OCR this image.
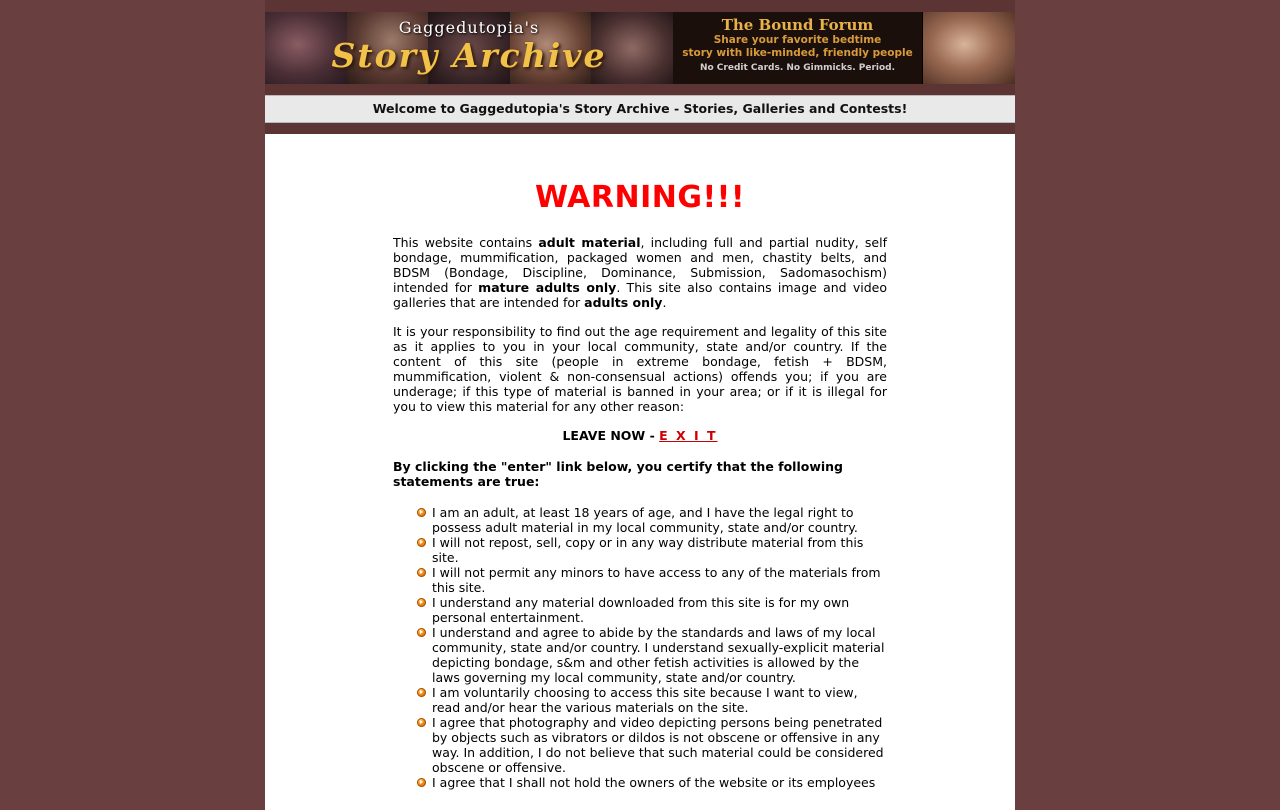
Gaggedutopia's
Story Archive
The Bound Forum
Share your favorite bedtime
story with like-minded, friendly people
No Credit Cards. No Gimmicks. Period.
Welcome to Gaggedutopia's Story Archive - Stories, Galleries and Contests!
WARNING!!!

This website contains adult material, including full and partial nudity, self bondage, mummification, packaged women and men, chastity belts, and BDSM (Bondage, Discipline, Dominance, Submission, Sadomasochism) intended for mature adults only. This site also contains image and video galleries that are intended for adults only.

It is your responsibility to find out the age requirement and legality of this site as it applies to you in your local community, state and/or country. If the content of this site (people in extreme bondage, fetish + BDSM, mummification, violent & non-consensual actions) offends you; if you are underage; if this type of material is banned in your area; or if it is illegal for you to view this material for any other reason:

LEAVE NOW - E X I T
By clicking the "enter" link below, you certify that the following statements are true:
I am an adult, at least 18 years of age, and I have the legal right to possess adult material in my local community, state and/or country.
I will not repost, sell, copy or in any way distribute material from this site.
I will not permit any minors to have access to any of the materials from this site.
I understand any material downloaded from this site is for my own personal entertainment.
I understand and agree to abide by the standards and laws of my local community, state and/or country. I understand sexually-explicit material depicting bondage, s&m and other fetish activities is allowed by the laws governing my local community, state and/or country.
I am voluntarily choosing to access this site because I want to view, read and/or hear the various materials on the site.
I agree that photography and video depicting persons being penetrated by objects such as vibrators or dildos is not obscene or offensive in any way. In addition, I do not believe that such material could be considered obscene or offensive.
I agree that I shall not hold the owners of the website or its employees
